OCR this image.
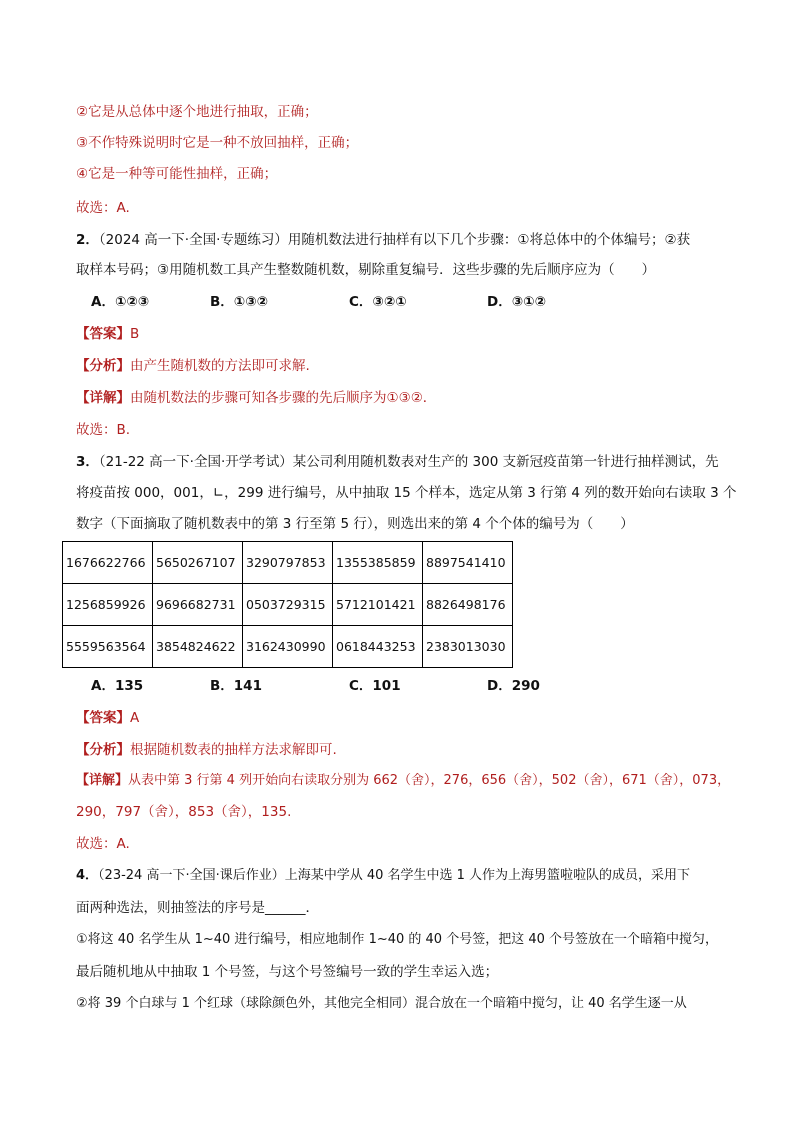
②它是从总体中逐个地进行抽取，正确；
③不作特殊说明时它是一种不放回抽样，正确；
④它是一种等可能性抽样，正确；
故选：A.
2．（2024 高一下·全国·专题练习）用随机数法进行抽样有以下几个步骤：①将总体中的个体编号；②获
取样本号码；③用随机数工具产生整数随机数，剔除重复编号．这些步骤的先后顺序应为（　　）
A．①②③	B．①③②	C．③②①	D．③①②
【答案】B
【分析】由产生随机数的方法即可求解.
【详解】由随机数法的步骤可知各步骤的先后顺序为①③②．
故选：B.
3．（21-22 高一下·全国·开学考试）某公司利用随机数表对生产的 300 支新冠疫苗第一针进行抽样测试，先
将疫苗按 000，001，∟，299 进行编号，从中抽取 15 个样本，选定从第 3 行第 4 列的数开始向右读取 3 个
数字（下面摘取了随机数表中的第 3 行至第 5 行），则选出来的第 4 个个体的编号为（　　）
1676622766	5650267107	3290797853	1355385859	8897541410
1256859926	9696682731	0503729315	5712101421	8826498176
5559563564	3854824622	3162430990	0618443253	2383013030
A．135	B．141	C．101	D．290
【答案】A
【分析】根据随机数表的抽样方法求解即可.
【详解】从表中第 3 行第 4 列开始向右读取分别为 662（舍），276，656（舍），502（舍），671（舍），073，
290，797（舍），853（舍），135.
故选：A.
4．（23-24 高一下·全国·课后作业）上海某中学从 40 名学生中选 1 人作为上海男篮啦啦队的成员，采用下
面两种选法，则抽签法的序号是______．
①将这 40 名学生从 1~40 进行编号，相应地制作 1~40 的 40 个号签，把这 40 个号签放在一个暗箱中搅匀，
最后随机地从中抽取 1 个号签，与这个号签编号一致的学生幸运入选；
②将 39 个白球与 1 个红球（球除颜色外，其他完全相同）混合放在一个暗箱中搅匀，让 40 名学生逐一从
